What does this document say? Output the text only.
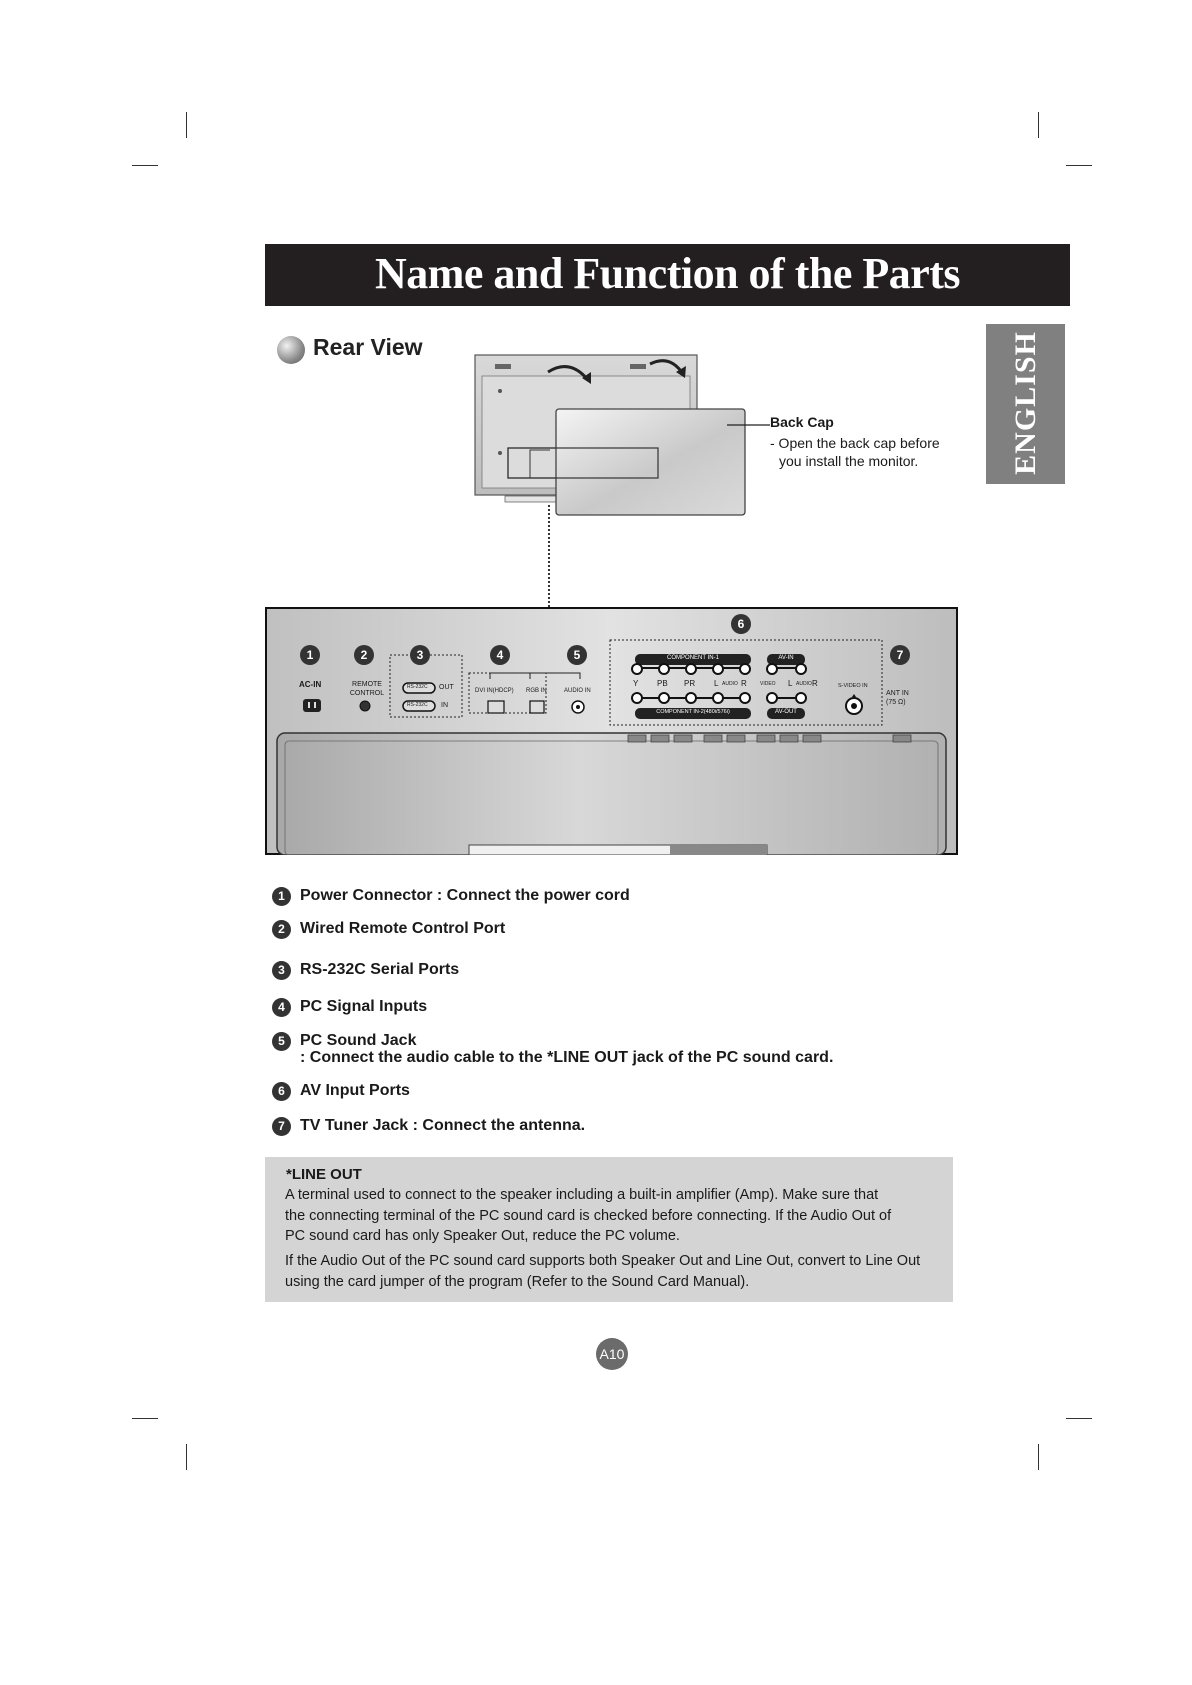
Name and Function of the Parts
ENGLISH
Rear View
Back Cap
- Open the back cap before
you install the monitor.
1	2	3	4	5
6
7
AC-IN	REMOTE
CONTROL
RS-232C
RS-232C
OUT
IN
DVI IN(HDCP) RGB IN	AUDIO IN
COMPONENT IN-1
COMPONENT IN-2(480i/576i)
AV-IN
AV-OUT
Y PB PR L AUDIO R	VIDEO L AUDIO R	S-VIDEO IN
ANT IN
(75 Ω)
1 Power Connector : Connect the power cord
2 Wired Remote Control Port
3 RS-232C Serial Ports
4 PC Signal Inputs
5 PC Sound Jack
: Connect the audio cable to the *LINE OUT jack of the PC sound card.
6 AV Input Ports
7 TV Tuner Jack : Connect the antenna.
*LINE OUT
A terminal used to connect to the speaker including a built-in amplifier (Amp). Make sure that
the connecting terminal of the PC sound card is checked before connecting. If the Audio Out of
PC sound card has only Speaker Out, reduce the PC volume.
If the Audio Out of the PC sound card supports both Speaker Out and Line Out, convert to Line Out
using the card jumper of the program (Refer to the Sound Card Manual).
A10
